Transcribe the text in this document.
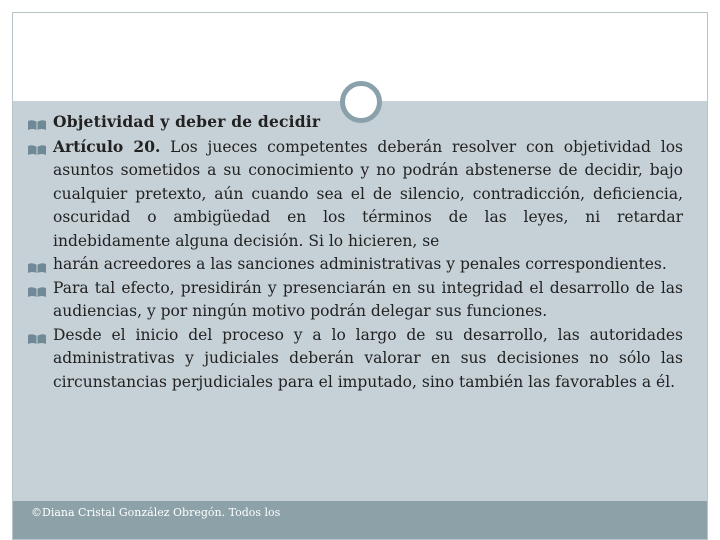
©Diana Cristal González Obregón. Todos los
Objetividad y deber de decidir
Artículo 20. Los jueces competentes deberán resolver con objetividad los asuntos sometidos a su conocimiento y no podrán abstenerse de decidir, bajo cualquier pretexto, aún cuando sea el de silencio, contradicción, deficiencia, oscuridad o ambigüedad en los términos de las leyes, ni retardar indebidamente alguna decisión. Si lo hicieren, se
harán acreedores a las sanciones administrativas y penales correspondientes.
Para tal efecto, presidirán y presenciarán en su integridad el desarrollo de las audiencias, y por ningún motivo podrán delegar sus funciones.
Desde el inicio del proceso y a lo largo de su desarrollo, las autoridades administrativas y judiciales deberán valorar en sus decisiones no sólo las circunstancias perjudiciales para el imputado, sino también las favorables a él.
